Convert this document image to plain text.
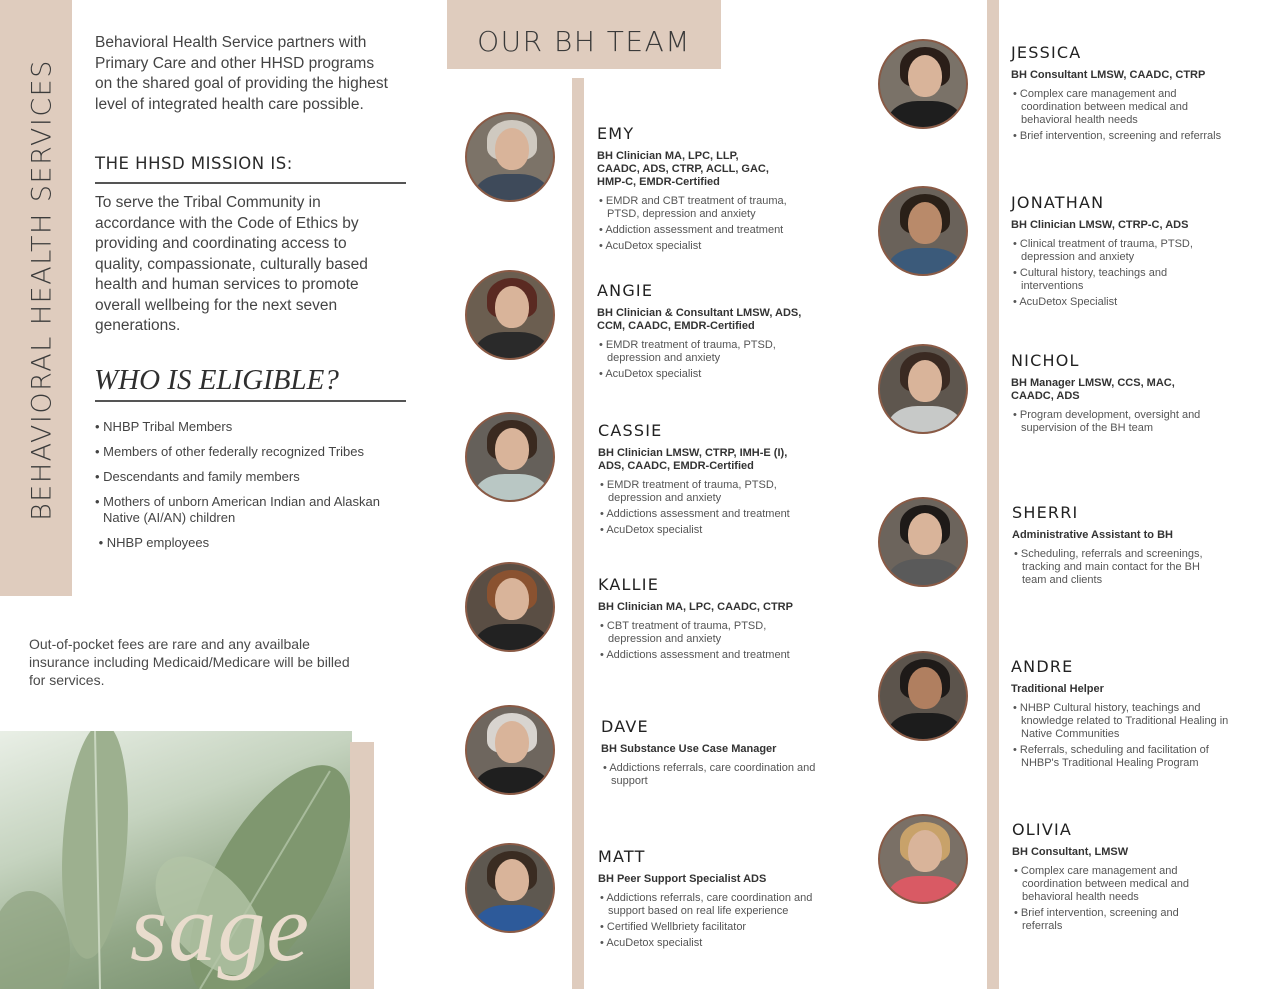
BEHAVIORAL HEALTH SERVICES
Behavioral Health Service partners with Primary Care and other HHSD programs on the shared goal of providing the highest level of integrated health care possible.
THE HHSD MISSION IS:
To serve the Tribal Community in accordance with the Code of Ethics by providing and coordinating access to quality, compassionate, culturally based health and human services to promote overall wellbeing for the next seven generations.
WHO IS ELIGIBLE?
• NHBP Tribal Members
• Members of other federally recognized Tribes
• Descendants and family members
• Mothers of unborn American Indian and Alaskan Native (AI/AN) children
• NHBP employees
Out-of-pocket fees are rare and any availbale insurance including Medicaid/Medicare will be billed for services.
sage
OUR BH TEAM
EMY
BH Clinician MA, LPC, LLP, CAADC, ADS, CTRP, ACLL, GAC, HMP-C, EMDR-Certified
• EMDR and CBT treatment of trauma, PTSD, depression and anxiety
• Addiction assessment and treatment
• AcuDetox specialist
ANGIE
BH Clinician & Consultant LMSW, ADS, CCM, CAADC, EMDR-Certified
• EMDR treatment of trauma, PTSD, depression and anxiety
• AcuDetox specialist
CASSIE
BH Clinician LMSW, CTRP, IMH-E (I), ADS, CAADC, EMDR-Certified
• EMDR treatment of trauma, PTSD, depression and anxiety
• Addictions assessment and treatment
• AcuDetox specialist
KALLIE
BH Clinician MA, LPC, CAADC, CTRP
• CBT treatment of trauma, PTSD, depression and anxiety
• Addictions assessment and treatment
DAVE
BH Substance Use Case Manager
• Addictions referrals, care coordination and support
MATT
BH Peer Support Specialist ADS
• Addictions referrals, care coordination and support based on real life experience
• Certified Wellbriety facilitator
• AcuDetox specialist
JESSICA
BH Consultant LMSW, CAADC, CTRP
• Complex care management and coordination between medical and behavioral health needs
• Brief intervention, screening and referrals
JONATHAN
BH Clinician LMSW, CTRP-C, ADS
• Clinical treatment of trauma, PTSD, depression and anxiety
• Cultural history, teachings and interventions
• AcuDetox Specialist
NICHOL
BH Manager LMSW, CCS, MAC, CAADC, ADS
• Program development, oversight and supervision of the BH team
SHERRI
Administrative Assistant to BH
• Scheduling, referrals and screenings, tracking and main contact for the BH team and clients
ANDRE
Traditional Helper
• NHBP Cultural history, teachings and knowledge related to Traditional Healing in Native Communities
• Referrals, scheduling and facilitation of NHBP's Traditional Healing Program
OLIVIA
BH Consultant, LMSW
• Complex care management and coordination between medical and behavioral health needs
• Brief intervention, screening and referrals
